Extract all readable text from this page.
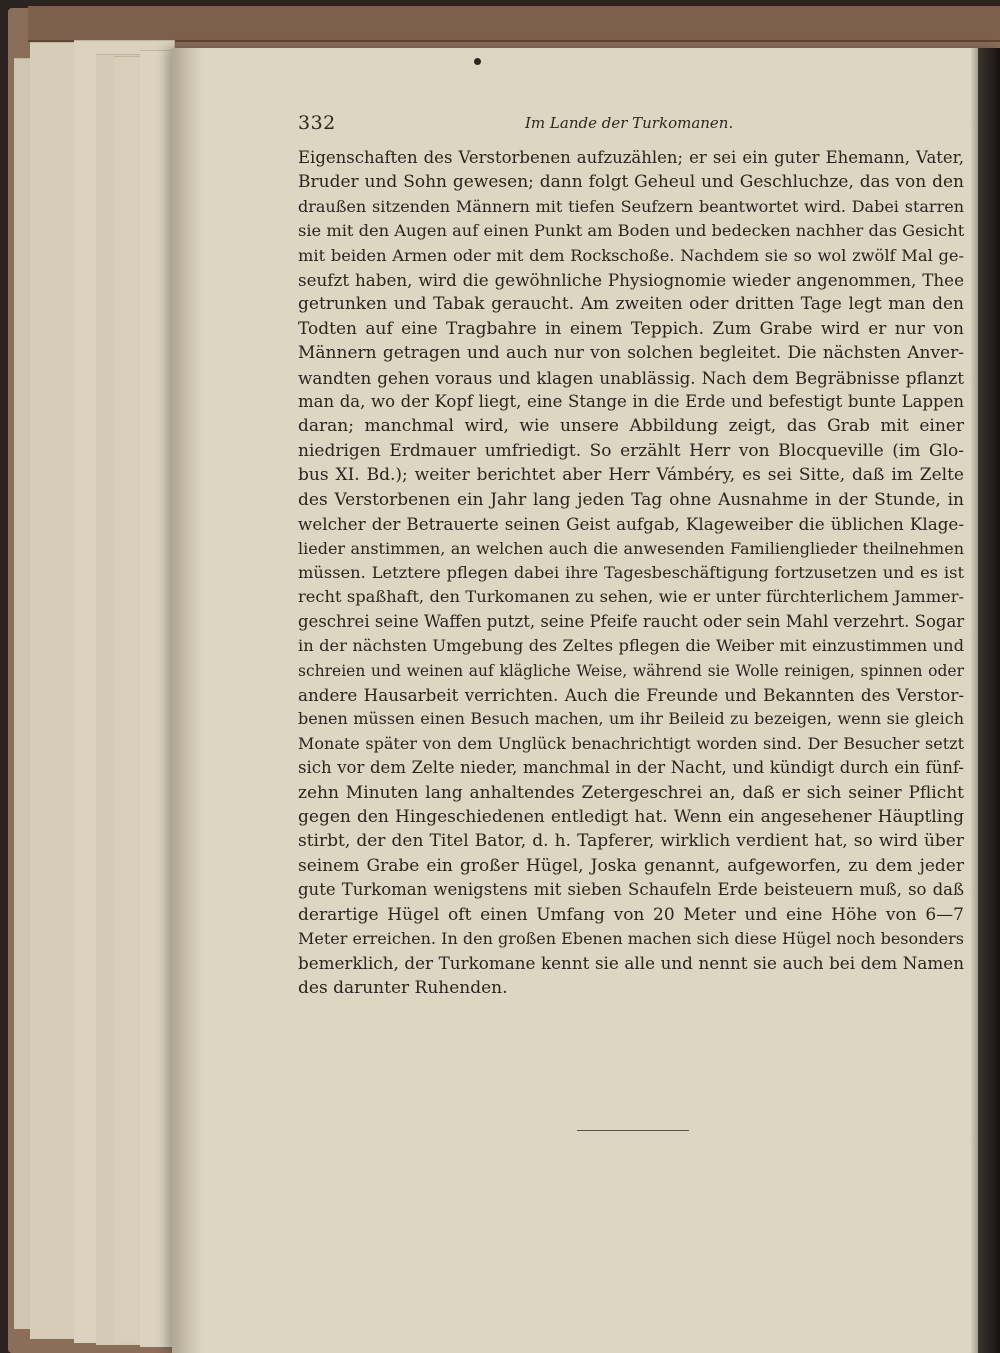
332	Im Lande der Turkomanen.
Eigenschaften des Verstorbenen aufzuzählen; er sei ein guter Ehemann, Vater,
Bruder und Sohn gewesen; dann folgt Geheul und Geschluchze, das von den
draußen sitzenden Männern mit tiefen Seufzern beantwortet wird. Dabei starren
sie mit den Augen auf einen Punkt am Boden und bedecken nachher das Gesicht
mit beiden Armen oder mit dem Rockschoße. Nachdem sie so wol zwölf Mal ge-
seufzt haben, wird die gewöhnliche Physiognomie wieder angenommen, Thee
getrunken und Tabak geraucht. Am zweiten oder dritten Tage legt man den
Todten auf eine Tragbahre in einem Teppich. Zum Grabe wird er nur von
Männern getragen und auch nur von solchen begleitet. Die nächsten Anver-
wandten gehen voraus und klagen unablässig. Nach dem Begräbnisse pflanzt
man da, wo der Kopf liegt, eine Stange in die Erde und befestigt bunte Lappen
daran; manchmal wird, wie unsere Abbildung zeigt, das Grab mit einer
niedrigen Erdmauer umfriedigt. So erzählt Herr von Blocqueville (im Glo-
bus XI. Bd.); weiter berichtet aber Herr Vámbéry, es sei Sitte, daß im Zelte
des Verstorbenen ein Jahr lang jeden Tag ohne Ausnahme in der Stunde, in
welcher der Betrauerte seinen Geist aufgab, Klageweiber die üblichen Klage-
lieder anstimmen, an welchen auch die anwesenden Familienglieder theilnehmen
müssen. Letztere pflegen dabei ihre Tagesbeschäftigung fortzusetzen und es ist
recht spaßhaft, den Turkomanen zu sehen, wie er unter fürchterlichem Jammer-
geschrei seine Waffen putzt, seine Pfeife raucht oder sein Mahl verzehrt. Sogar
in der nächsten Umgebung des Zeltes pflegen die Weiber mit einzustimmen und
schreien und weinen auf klägliche Weise, während sie Wolle reinigen, spinnen oder
andere Hausarbeit verrichten. Auch die Freunde und Bekannten des Verstor-
benen müssen einen Besuch machen, um ihr Beileid zu bezeigen, wenn sie gleich
Monate später von dem Unglück benachrichtigt worden sind. Der Besucher setzt
sich vor dem Zelte nieder, manchmal in der Nacht, und kündigt durch ein fünf-
zehn Minuten lang anhaltendes Zetergeschrei an, daß er sich seiner Pflicht
gegen den Hingeschiedenen entledigt hat. Wenn ein angesehener Häuptling
stirbt, der den Titel Bator, d. h. Tapferer, wirklich verdient hat, so wird über
seinem Grabe ein großer Hügel, Joska genannt, aufgeworfen, zu dem jeder
gute Turkoman wenigstens mit sieben Schaufeln Erde beisteuern muß, so daß
derartige Hügel oft einen Umfang von 20 Meter und eine Höhe von 6—7
Meter erreichen. In den großen Ebenen machen sich diese Hügel noch besonders
bemerklich, der Turkomane kennt sie alle und nennt sie auch bei dem Namen
des darunter Ruhenden.
